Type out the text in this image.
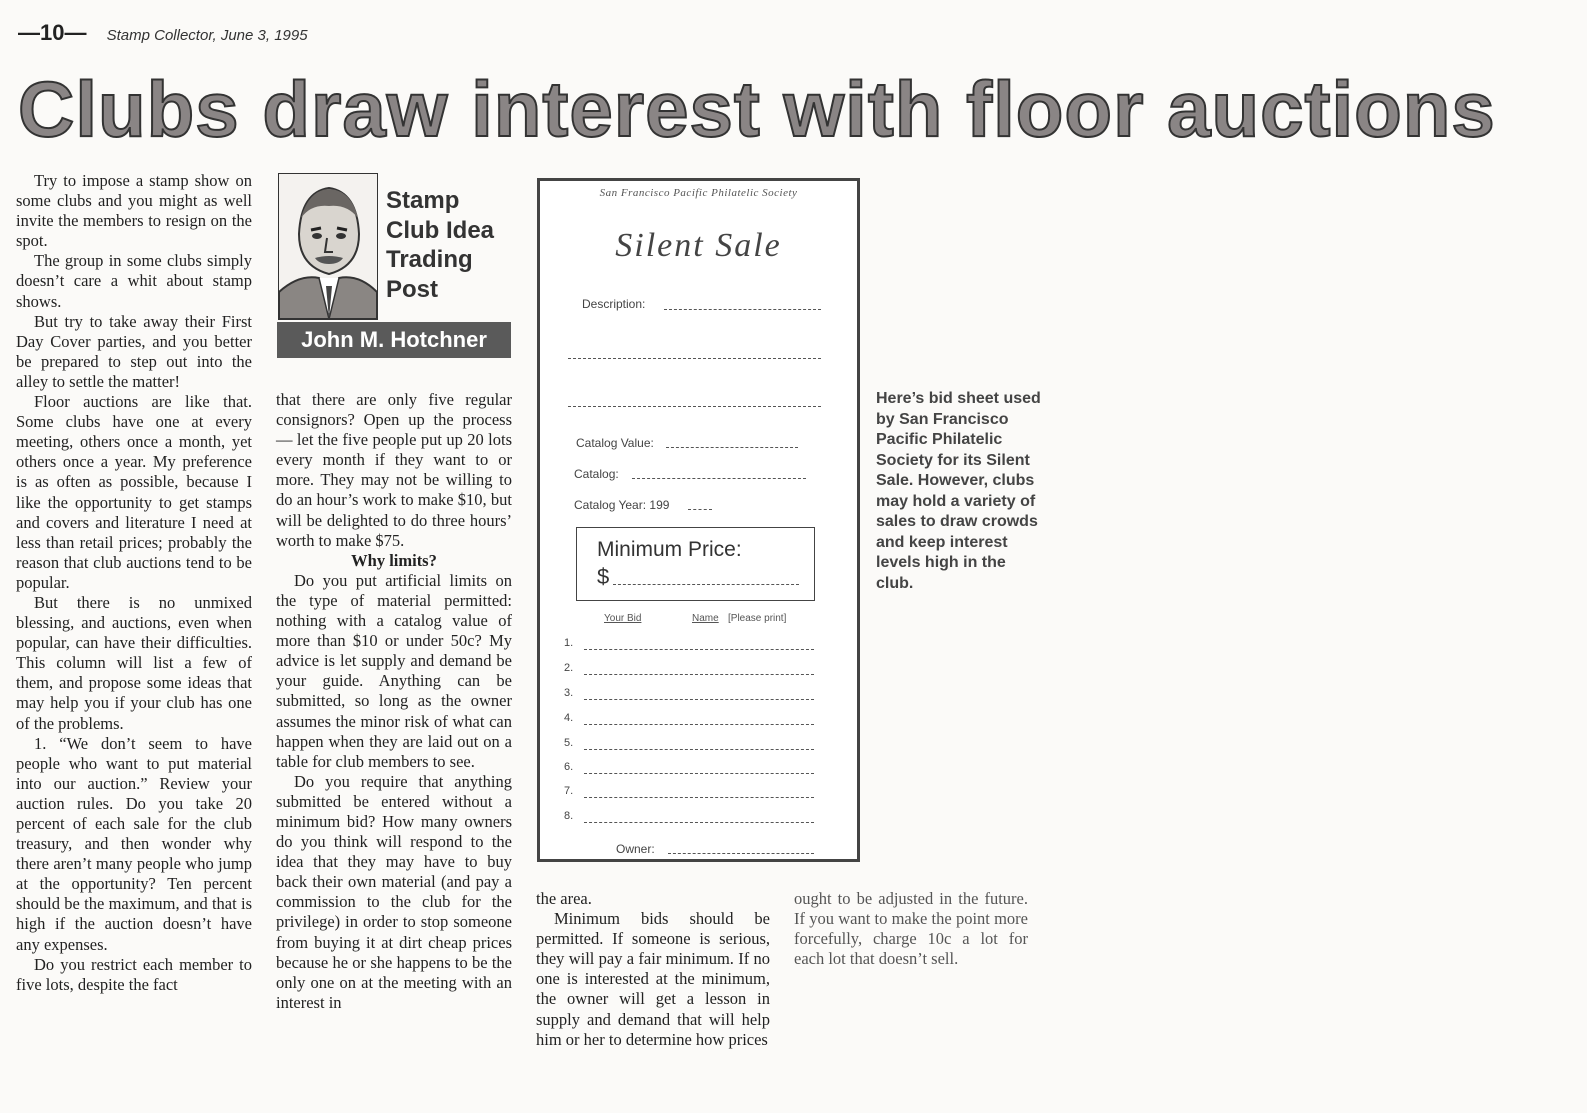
—10— Stamp Collector, June 3, 1995
Clubs draw interest with floor auctions

Try to impose a stamp show on some clubs and you might as well invite the members to resign on the spot.

The group in some clubs simply doesn’t care a whit about stamp shows.

But try to take away their First Day Cover parties, and you better be prepared to step out into the alley to settle the matter!

Floor auctions are like that. Some clubs have one at every meeting, others once a month, yet others once a year. My preference is as often as possible, because I like the opportunity to get stamps and covers and literature I need at less than retail prices; probably the reason that club auctions tend to be popular.

But there is no unmixed blessing, and auctions, even when popular, can have their difficulties. This column will list a few of them, and propose some ideas that may help you if your club has one of the problems.

1. “We don’t seem to have people who want to put material into our auction.” Review your auction rules. Do you take 20 percent of each sale for the club treasury, and then wonder why there aren’t many people who jump at the opportunity? Ten percent should be the maximum, and that is high if the auction doesn’t have any expenses.

Do you restrict each member to five lots, despite the fact

Stamp
Club Idea
Trading
Post
John M. Hotchner

that there are only five regular consignors? Open up the process — let the five people put up 20 lots every month if they want to or more. They may not be willing to do an hour’s work to make $10, but will be delighted to do three hours’ worth to make $75.

Why limits?

Do you put artificial limits on the type of material permitted: nothing with a catalog value of more than $10 or under 50c? My advice is let supply and demand be your guide. Anything can be submitted, so long as the owner assumes the minor risk of what can happen when they are laid out on a table for club members to see.

Do you require that anything submitted be entered without a minimum bid? How many owners do you think will respond to the idea that they may have to buy back their own material (and pay a commission to the club for the privilege) in order to stop someone from buying it at dirt cheap prices because he or she happens to be the only one on at the meeting with an interest in

the area.

Minimum bids should be permitted. If someone is serious, they will pay a fair minimum. If no one is interested at the minimum, the owner will get a lesson in supply and demand that will help him or her to determine how prices

ought to be adjusted in the future. If you want to make the point more forcefully, charge 10c a lot for each lot that doesn’t sell.

San Francisco Pacific Philatelic Society
Silent Sale
Description:
Catalog Value:
Catalog:
Catalog Year: 199
Minimum Price:
$
Your Bid	Name [Please print]
1.
2.
3.
4.
5.
6.
7.
8.
Owner:
Here’s bid sheet used by San Francisco Pacific Philatelic Society for its Silent Sale. However, clubs may hold a variety of sales to draw crowds and keep interest levels high in the club.
